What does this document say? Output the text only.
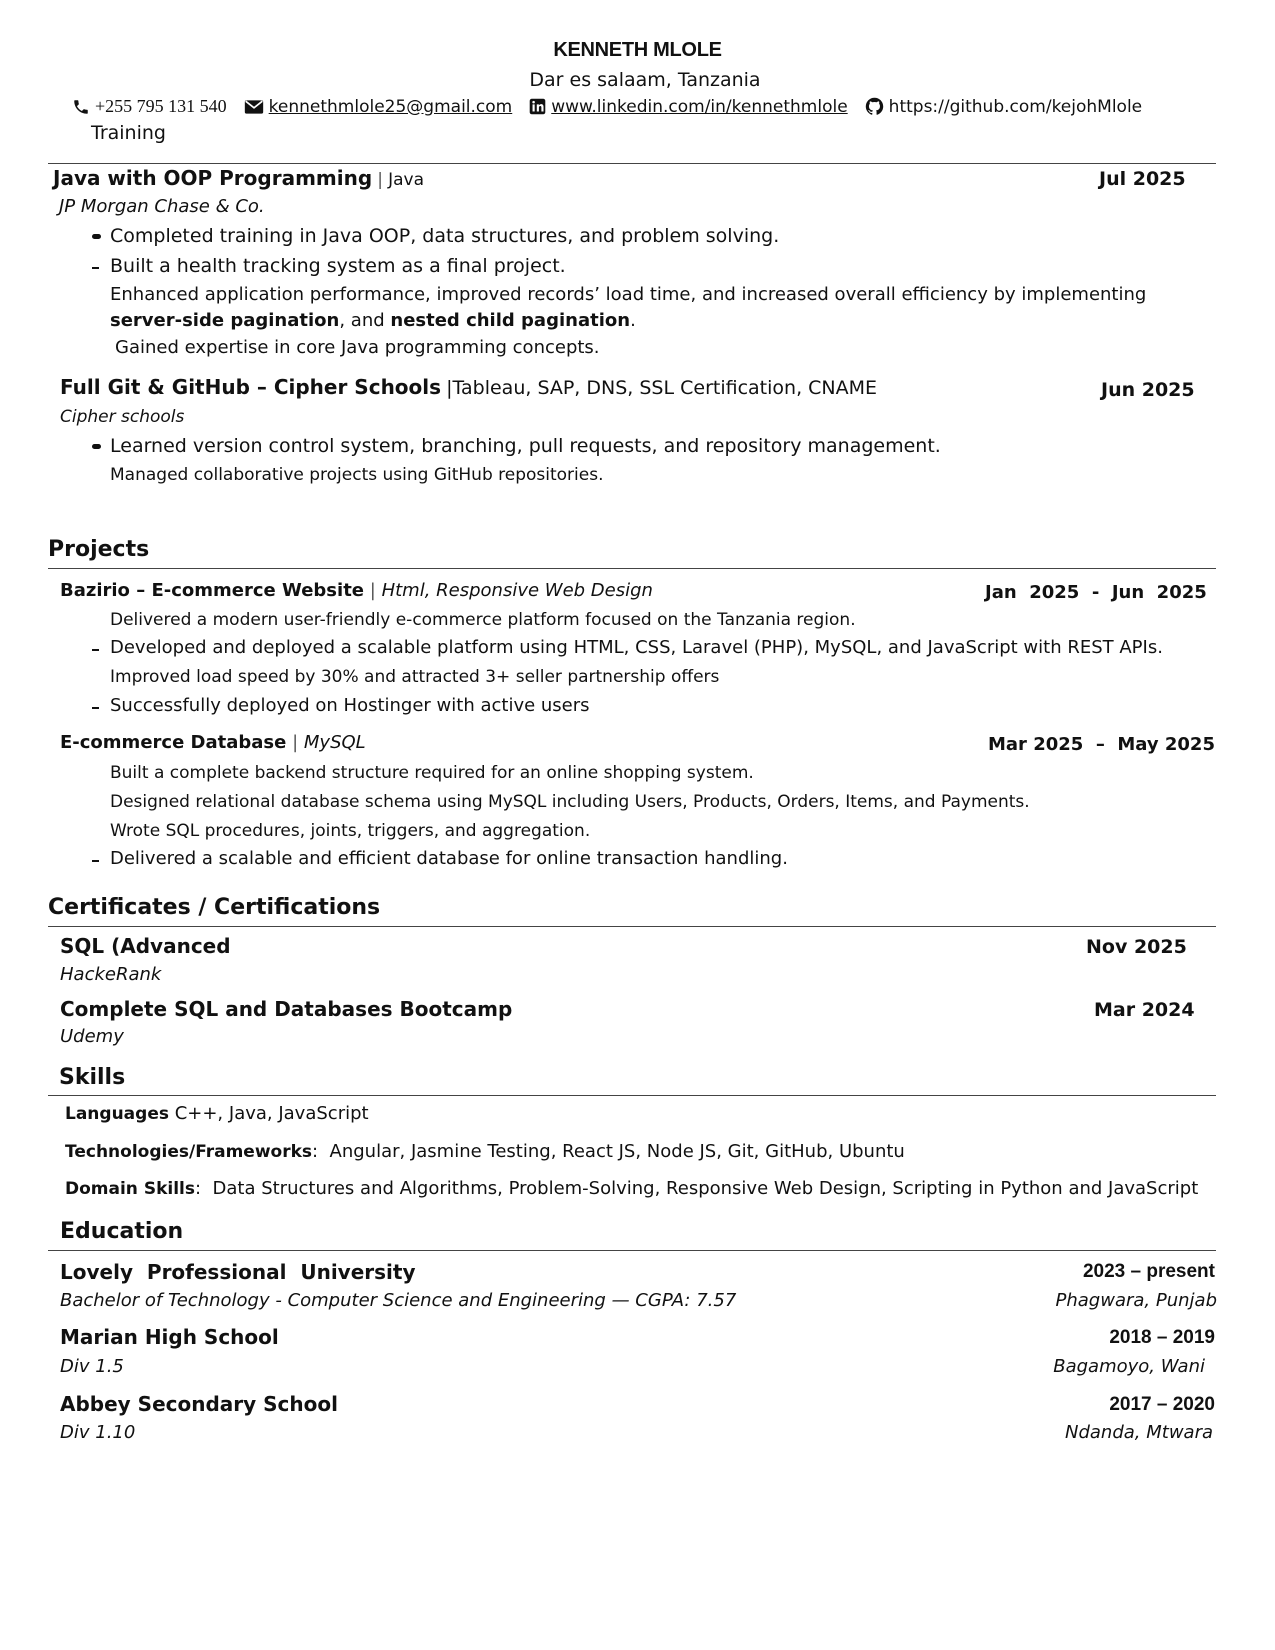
KENNETH MLOLE
Dar es salaam, Tanzania
+255 795 131 540 kennethmlole25@gmail.com www.linkedin.com/in/kennethmlole https://github.com/kejohMlole
Training
Java with OOP Programming | Java	Jul 2025
JP Morgan Chase & Co.
Completed training in Java OOP, data structures, and problem solving.
Built a health tracking system as a final project.
Enhanced application performance, improved records’ load time, and increased overall efficiency by implementing
server-side pagination, and nested child pagination.
Gained expertise in core Java programming concepts.
Full Git & GitHub – Cipher Schools |Tableau, SAP, DNS, SSL Certification, CNAME	Jun 2025
Cipher schools
Learned version control system, branching, pull requests, and repository management.
Managed collaborative projects using GitHub repositories.
Projects
Bazirio – E-commerce Website | Html, Responsive Web Design	Jan  2025  -  Jun  2025
Delivered a modern user-friendly e-commerce platform focused on the Tanzania region.
Developed and deployed a scalable platform using HTML, CSS, Laravel (PHP), MySQL, and JavaScript with REST APIs.
Improved load speed by 30% and attracted 3+ seller partnership offers
Successfully deployed on Hostinger with active users
E-commerce Database | MySQL	Mar 2025  –  May 2025
Built a complete backend structure required for an online shopping system.
Designed relational database schema using MySQL including Users, Products, Orders, Items, and Payments.
Wrote SQL procedures, joints, triggers, and aggregation.
Delivered a scalable and efficient database for online transaction handling.
Certificates / Certifications
SQL (Advanced	Nov 2025
HackeRank
Complete SQL and Databases Bootcamp	Mar 2024
Udemy
Skills
Languages C++, Java, JavaScript
Technologies/Frameworks:  Angular, Jasmine Testing, React JS, Node JS, Git, GitHub, Ubuntu
Domain Skills:  Data Structures and Algorithms, Problem-Solving, Responsive Web Design, Scripting in Python and JavaScript
Education
Lovely  Professional  University	2023 – present
Bachelor of Technology - Computer Science and Engineering — CGPA: 7.57	Phagwara, Punjab
Marian High School	2018 – 2019
Div 1.5	Bagamoyo, Wani
Abbey Secondary School	2017 – 2020
Div 1.10	Ndanda, Mtwara
